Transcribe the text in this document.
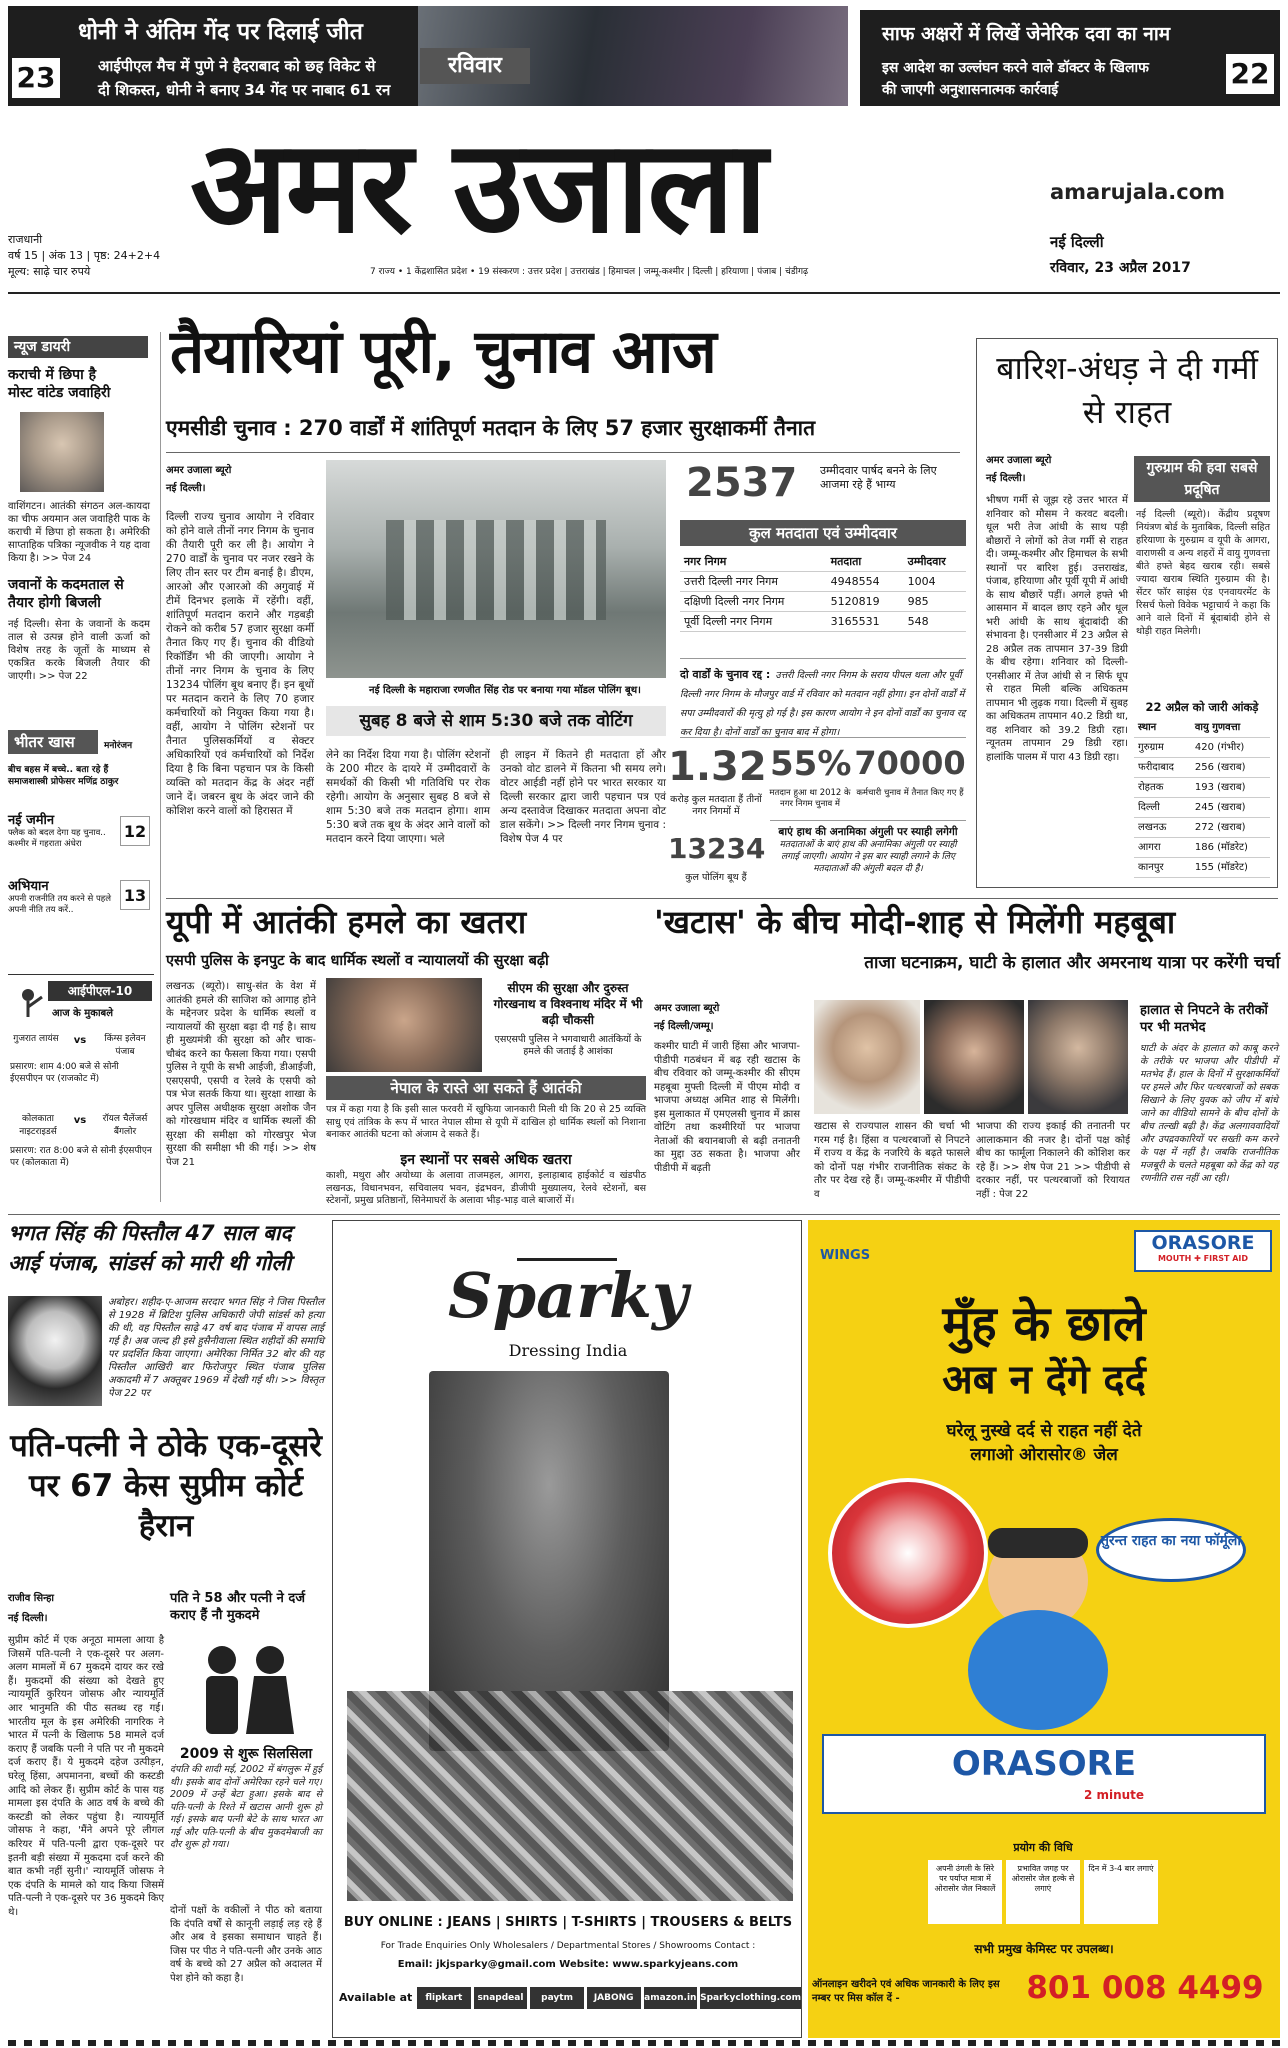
23
धोनी ने अंतिम गेंद पर दिलाई जीत
आईपीएल मैच में पुणे ने हैदराबाद को छह विकेट से
दी शिकस्त, धोनी ने बनाए 34 गेंद पर नाबाद 61 रन
रविवार
साफ अक्षरों में लिखें जेनेरिक दवा का नाम
इस आदेश का उल्लंघन करने वाले डॉक्टर के खिलाफ
की जाएगी अनुशासनात्मक कार्रवाई	22
अमर उजाला	amarujala.com
नई दिल्ली
रविवार, 23 अप्रैल 2017
राजधानी
वर्ष 15 | अंक 13 | पृष्ठ: 24+2+4
मूल्य: साढ़े चार रुपये	7 राज्य • 1 केंद्रशासित प्रदेश • 19 संस्करण : उत्तर प्रदेश | उत्तराखंड | हिमाचल | जम्मू-कश्मीर | दिल्ली | हरियाणा | पंजाब | चंडीगढ़
न्यूज डायरी
कराची में छिपा है मोस्ट वांटेड जवाहिरी
वाशिंगटन। आतंकी संगठन अल-कायदा का चीफ अयमान अल जवाहिरी पाक के कराची में छिपा हो सकता है। अमेरिकी साप्ताहिक पत्रिका न्यूजवीक ने यह दावा किया है। >> पेज 24
जवानों के कदमताल से तैयार होगी बिजली
नई दिल्ली। सेना के जवानों के कदम ताल से उत्पन्न होने वाली ऊर्जा को विशेष तरह के जूतों के माध्यम से एकत्रित करके बिजली तैयार की जाएगी। >> पेज 22
भीतर खास	मनोरंजन
बीच बहस में बच्चे.. बता रहे हैं समाजशास्त्री प्रोफेसर मणिंद्र ठाकुर
नई जमीन
फ्लैक को बदल देगा यह चुनाव.. कश्मीर में गहराता अंधेरा
12
अभियान
अपनी राजनीति तय करने से पहले अपनी नीति तय करें..
13
आईपीएल-10
आज के मुकाबले
गुजरात लायंस	vs	किंग्स इलेवन पंजाब
प्रसारण: शाम 4:00 बजे से सोनी ईएसपीएन पर (राजकोट में)
कोलकाता नाइटराइडर्स
vs	रॉयल चैलेंजर्स बैंगलोर
प्रसारण: रात 8:00 बजे से सोनी ईएसपीएन पर (कोलकाता में)
तैयारियां पूरी, चुनाव आज
एमसीडी चुनाव : 270 वार्डों में शांतिपूर्ण मतदान के लिए 57 हजार सुरक्षाकर्मी तैनात
अमर उजाला ब्यूरो
नई दिल्ली।
दिल्ली राज्य चुनाव आयोग ने रविवार को होने वाले तीनों नगर निगम के चुनाव की तैयारी पूरी कर ली है। आयोग ने 270 वार्डों के चुनाव पर नजर रखने के लिए तीन स्तर पर टीम बनाई है। डीएम, आरओ और एआरओ की अगुवाई में टीमें दिनभर इलाके में रहेंगी। वहीं, शांतिपूर्ण मतदान कराने और गड़बड़ी रोकने को करीब 57 हजार सुरक्षा कर्मी तैनात किए गए हैं। चुनाव की वीडियो रिकॉर्डिंग भी की जाएगी। आयोग ने तीनों नगर निगम के चुनाव के लिए 13234 पोलिंग बूथ बनाए हैं। इन बूथों पर मतदान कराने के लिए 70 हजार कर्मचारियों को नियुक्त किया गया है। वहीं, आयोग ने पोलिंग स्टेशनों पर तैनात पुलिसकर्मियों व सेक्टर अधिकारियों एवं कर्मचारियों को निर्देश दिया है कि बिना पहचान पत्र के किसी व्यक्ति को मतदान केंद्र के अंदर नहीं जाने दें। जबरन बूथ के अंदर जाने की कोशिश करने वालों को हिरासत में
नई दिल्ली के महाराजा रणजीत सिंह रोड पर बनाया गया मॉडल पोलिंग बूथ।
सुबह 8 बजे से शाम 5:30 बजे तक वोटिंग
लेने का निर्देश दिया गया है। पोलिंग स्टेशनों के 200 मीटर के दायरे में उम्मीदवारों के समर्थकों की किसी भी गतिविधि पर रोक रहेगी। आयोग के अनुसार सुबह 8 बजे से शाम 5:30 बजे तक मतदान होगा। शाम 5:30 बजे तक बूथ के अंदर आने वालों को मतदान करने दिया जाएगा। भले
ही लाइन में कितने ही मतदाता हों और उनको वोट डालने में कितना भी समय लगे। वोटर आईडी नहीं होने पर भारत सरकार या दिल्ली सरकार द्वारा जारी पहचान पत्र एवं अन्य दस्तावेज दिखाकर मतदाता अपना वोट डाल सकेंगे। >> दिल्ली नगर निगम चुनाव : विशेष पेज 4 पर
2537	उम्मीदवार पार्षद बनने के लिए आजमा रहे हैं भाग्य
कुल मतदाता एवं उम्मीदवार
नगर निगम	मतदाता	उम्मीदवार
उत्तरी दिल्ली नगर निगम	4948554	1004
दक्षिणी दिल्ली नगर निगम	5120819	985
पूर्वी दिल्ली नगर निगम	3165531	548
दो वार्डों के चुनाव रद्द : उत्तरी दिल्ली नगर निगम के सराय पीपल थला और पूर्वी दिल्ली नगर निगम के मौजपुर वार्ड में रविवार को मतदान नहीं होगा। इन दोनों वार्डों में सपा उम्मीदवारों की मृत्यु हो गई है। इस कारण आयोग ने इन दोनों वार्डों का चुनाव रद्द कर दिया है। दोनों वार्डों का चुनाव बाद में होगा।
1.32
करोड़ कुल मतदाता हैं तीनों नगर निगमों में
13234
कुल पोलिंग बूथ हैं
55%
मतदान हुआ था 2012 के नगर निगम चुनाव में
70000
कर्मचारी चुनाव में तैनात किए गए हैं
बाएं हाथ की अनामिका अंगुली पर स्याही लगेगी
मतदाताओं के बाएं हाथ की अनामिका अंगुली पर स्याही लगाई जाएगी। आयोग ने इस बार स्याही लगाने के लिए मतदाताओं की अंगुली बदल दी है।
बारिश-अंधड़ ने दी गर्मी से राहत
अमर उजाला ब्यूरो
नई दिल्ली।
भीषण गर्मी से जूझ रहे उत्तर भारत में शनिवार को मौसम ने करवट बदली। धूल भरी तेज आंधी के साथ पड़ी बौछारों ने लोगों को तेज गर्मी से राहत दी। जम्मू-कश्मीर और हिमाचल के सभी स्थानों पर बारिश हुई। उत्तराखंड, पंजाब, हरियाणा और पूर्वी यूपी में आंधी के साथ बौछारें पड़ीं। अगले हफ्ते भी आसमान में बादल छाए रहने और धूल भरी आंधी के साथ बूंदाबांदी की संभावना है। एनसीआर में 23 अप्रैल से 28 अप्रैल तक तापमान 37-39 डिग्री के बीच रहेगा। शनिवार को दिल्ली-एनसीआर में तेज आंधी से न सिर्फ धूप से राहत मिली बल्कि अधिकतम तापमान भी लुढ़क गया। दिल्ली में सुबह का अधिकतम तापमान 40.2 डिग्री था, वह शनिवार को 39.2 डिग्री रहा। न्यूनतम तापमान 29 डिग्री रहा। हालांकि पालम में पारा 43 डिग्री रहा।
गुरुग्राम की हवा सबसे प्रदूषित
नई दिल्ली (ब्यूरो)। केंद्रीय प्रदूषण नियंत्रण बोर्ड के मुताबिक, दिल्ली सहित हरियाणा के गुरुग्राम व यूपी के आगरा, वाराणसी व अन्य शहरों में वायु गुणवत्ता बीते हफ्ते बेहद खराब रही। सबसे ज्यादा खराब स्थिति गुरुग्राम की है। सेंटर फॉर साइंस एंड एनवायरमेंट के रिसर्च फेलो विवेक भट्टाचार्य ने कहा कि आने वाले दिनों में बूंदाबांदी होने से थोड़ी राहत मिलेगी।
22 अप्रैल को जारी आंकड़े
स्थान	वायु गुणवत्ता
गुरुग्राम	420 (गंभीर)
फरीदाबाद	256 (खराब)
रोहतक	193 (खराब)
दिल्ली	245 (खराब)
लखनऊ	272 (खराब)
आगरा	186 (मॉडरेट)
कानपुर	155 (मॉडरेट)
यूपी में आतंकी हमले का खतरा
एसपी पुलिस के इनपुट के बाद धार्मिक स्थलों व न्यायालयों की सुरक्षा बढ़ी
लखनऊ (ब्यूरो)। साधु-संत के वेश में आतंकी हमले की साजिश को आगाह होने के मद्देनजर प्रदेश के धार्मिक स्थलों व न्यायालयों की सुरक्षा बढ़ा दी गई है। साथ ही मुख्यमंत्री की सुरक्षा को और चाक-चौबंद करने का फैसला किया गया। एसपी पुलिस ने यूपी के सभी आईजी, डीआईजी, एसएसपी, एसपी व रेलवे के एसपी को पत्र भेज सतर्क किया था। सुरक्षा शाखा के अपर पुलिस अधीक्षक सुरक्षा अशोक जैन को गोरखधाम मंदिर व धार्मिक स्थलों की सुरक्षा की समीक्षा को गोरखपुर भेज सुरक्षा की समीक्षा भी की गई। >> शेष पेज 21
सीएम की सुरक्षा और दुरुस्त गोरखनाथ व विश्वनाथ मंदिर में भी बढ़ी चौकसी
एसएसपी पुलिस ने भगवाधारी आतंकियों के हमले की जताई है आशंका
नेपाल के रास्ते आ सकते हैं आतंकी
पत्र में कहा गया है कि इसी साल फरवरी में खुफिया जानकारी मिली थी कि 20 से 25 व्यक्ति साधु एवं तांत्रिक के रूप में भारत नेपाल सीमा से यूपी में दाखिल हो धार्मिक स्थलों को निशाना बनाकर आतंकी घटना को अंजाम दे सकते हैं।
इन स्थानों पर सबसे अधिक खतरा
काशी, मथुरा और अयोध्या के अलावा ताजमहल, आगरा, इलाहाबाद हाईकोर्ट व खंडपीठ लखनऊ, विधानभवन, सचिवालय भवन, इंद्रभवन, डीजीपी मुख्यालय, रेलवे स्टेशनों, बस स्टेशनों, प्रमुख प्रतिष्ठानों, सिनेमाघरों के अलावा भीड़-भाड़ वाले बाजारों में।
'खटास' के बीच मोदी-शाह से मिलेंगी महबूबा
ताजा घटनाक्रम, घाटी के हालात और अमरनाथ यात्रा पर करेंगी चर्चा
अमर उजाला ब्यूरो
नई दिल्ली/जम्मू।
कश्मीर घाटी में जारी हिंसा और भाजपा-पीडीपी गठबंधन में बढ़ रही खटास के बीच रविवार को जम्मू-कश्मीर की सीएम महबूबा मुफ्ती दिल्ली में पीएम मोदी व भाजपा अध्यक्ष अमित शाह से मिलेंगी। इस मुलाकात में एमएलसी चुनाव में क्रास वोटिंग तथा कश्मीरियों पर भाजपा नेताओं की बयानबाजी से बढ़ी तनातनी का मुद्दा उठ सकता है। भाजपा और पीडीपी में बढ़ती
खटास से राज्यपाल शासन की चर्चा भी गरम गई है। हिंसा व पत्थरबाजों से निपटने में राज्य व केंद्र के नजरिये के बढ़ते फासले को दोनों पक्ष गंभीर राजनीतिक संकट के तौर पर देख रहे हैं। जम्मू-कश्मीर में पीडीपी व
भाजपा की राज्य इकाई की तनातनी पर आलाकमान की नजर है। दोनों पक्ष कोई बीच का फार्मूला निकालने की कोशिश कर रहे हैं। >> शेष पेज 21 >> पीडीपी से दरकार नहीं, पर पत्थरबाजों को रियायत नहीं : पेज 22
हालात से निपटने के तरीकों पर भी मतभेद
घाटी के अंदर के हालात को काबू करने के तरीके पर भाजपा और पीडीपी में मतभेद हैं। हाल के दिनों में सुरक्षाकर्मियों पर हमले और फिर पत्थरबाजों को सबक सिखाने के लिए युवक को जीप में बांधे जाने का वीडियो सामने के बीच दोनों के बीच तल्खी बढ़ी है। केंद्र अलगाववादियों और उपद्रवकारियों पर सख्ती कम करने के पक्ष में नहीं है। जबकि राजनीतिक मजबूरी के चलते महबूबा को केंद्र को यह रणनीति रास नहीं आ रही।
भगत सिंह की पिस्तौल 47 साल बाद आई पंजाब, सांडर्स को मारी थी गोली
अबोहर। शहीद-ए-आजम सरदार भगत सिंह ने जिस पिस्तौल से 1928 में ब्रिटिश पुलिस अधिकारी जेपी सांडर्स को हत्या की थी, वह पिस्तौल साढ़े 47 वर्ष बाद पंजाब में वापस लाई गई है। अब जल्द ही इसे हुसैनीवाला स्थित शहीदों की समाधि पर प्रदर्शित किया जाएगा। अमेरिका निर्मित 32 बोर की यह पिस्तौल आखिरी बार फिरोजपुर स्थित पंजाब पुलिस अकादमी में 7 अक्तूबर 1969 में देखी गई थी। >> विस्तृत पेज 22 पर
पति-पत्नी ने ठोके एक-दूसरे पर 67 केस सुप्रीम कोर्ट हैरान
राजीव सिन्हा
नई दिल्ली।
सुप्रीम कोर्ट में एक अनूठा मामला आया है जिसमें पति-पत्नी ने एक-दूसरे पर अलग-अलग मामलों में 67 मुकदमे दायर कर रखे हैं। मुकदमों की संख्या को देखते हुए न्यायमूर्ति कुरियन जोसफ और न्यायमूर्ति आर भानुमति की पीठ सतब्ध रह गई। भारतीय मूल के इस अमेरिकी नागरिक ने भारत में पत्नी के खिलाफ 58 मामले दर्ज कराए हैं जबकि पत्नी ने पति पर नौ मुकदमे दर्ज कराए हैं। ये मुकदमे दहेज उत्पीड़न, घरेलू हिंसा, अपमानना, बच्चों की कस्टडी आदि को लेकर हैं। सुप्रीम कोर्ट के पास यह मामला इस दंपति के आठ वर्ष के बच्चे की कस्टडी को लेकर पहुंचा है। न्यायमूर्ति जोसफ ने कहा, 'मैंने अपने पूरे लीगल करियर में पति-पत्नी द्वारा एक-दूसरे पर इतनी बड़ी संख्या में मुकदमा दर्ज करने की बात कभी नहीं सुनी।' न्यायमूर्ति जोसफ ने एक दंपति के मामले को याद किया जिसमें पति-पत्नी ने एक-दूसरे पर 36 मुकदमे किए थे।
पति ने 58 और पत्नी ने दर्ज कराए हैं नौ मुकदमे
2009 से शुरू सिलसिला
दंपति की शादी मई, 2002 में बंगलुरू में हुई थी। इसके बाद दोनों अमेरिका रहने चले गए। 2009 में उन्हें बेटा हुआ। इसके बाद से पति-पत्नी के रिश्ते में खटास आनी शुरू हो गई। इसके बाद पत्नी बेटे के साथ भारत आ गई और पति-पत्नी के बीच मुकदमेबाजी का दौर शुरू हो गया।
दोनों पक्षों के वकीलों ने पीठ को बताया कि दंपति वर्षों से कानूनी लड़ाई लड़ रहे हैं और अब वे इसका समाधान चाहते हैं। जिस पर पीठ ने पति-पत्नी और उनके आठ वर्ष के बच्चे को 27 अप्रैल को अदालत में पेश होने को कहा है।
Sparky
Dressing India
BUY ONLINE : JEANS | SHIRTS | T-SHIRTS | TROUSERS & BELTS
For Trade Enquiries Only Wholesalers / Departmental Stores / Showrooms Contact :
Email: jkjsparky@gmail.com Website: www.sparkyjeans.com
Available at	flipkart	snapdeal	paytm	JABONG	amazon.in Sparkyclothing.com
WINGS
ORASORE
MOUTH ✚ FIRST AID
मुँह के छाले
अब न देंगे दर्द
घरेलू नुस्खे दर्द से राहत नहीं देते
लगाओ ओरासोर® जेल
तुरन्त राहत का नया फॉर्मूला
ORASORE
2 minute
प्रयोग की विधि
अपनी उंगली के सिरे पर पर्याप्त मात्रा में ओरासोर जेल निकालें
प्रभावित जगह पर ओरासोर जेल हल्के से लगाएं
दिन में 3-4 बार लगाएं
सभी प्रमुख केमिस्ट पर उपलब्ध।
ऑनलाइन खरीदने एवं अधिक जानकारी के लिए इस नम्बर पर मिस कॉल दें -	801 008 4499
